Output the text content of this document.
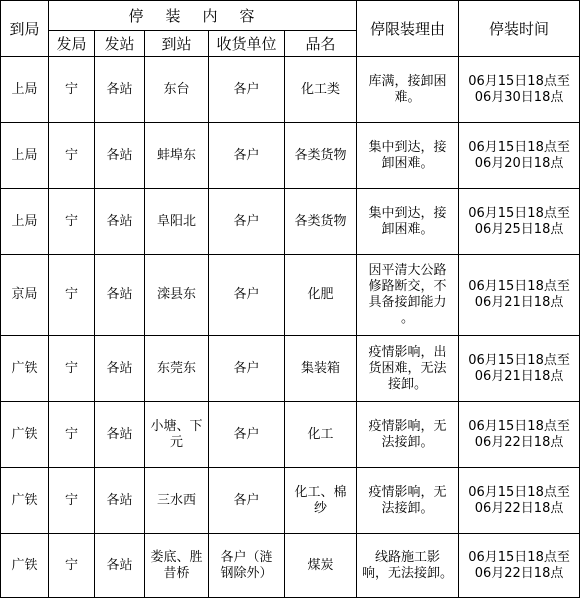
到局	停装内容					停限装理由	停装时间
	发局	发站	到站	收货单位	品名		
上局	宁	各站	东台	各户	化工类	库满，接卸困
难。	06月15日18点至
06月30日18点
上局	宁	各站	蚌埠东	各户	各类货物	集中到达，接
卸困难。	06月15日18点至
06月20日18点
上局	宁	各站	阜阳北	各户	各类货物	集中到达，接
卸困难。	06月15日18点至
06月25日18点
京局	宁	各站	滦县东	各户	化肥	因平清大公路
修路断交，不
具备接卸能力
。	06月15日18点至
06月21日18点
广铁	宁	各站	东莞东	各户	集装箱	疫情影响，出
货困难，无法
接卸。	06月15日18点至
06月21日18点
广铁	宁	各站	小塘、下
元	各户	化工	疫情影响，无
法接卸。	06月15日18点至
06月22日18点
广铁	宁	各站	三水西	各户	化工、棉
纱	疫情影响，无
法接卸。	06月15日18点至
06月22日18点
广铁	宁	各站	娄底、胜
昔桥	各户（涟
钢除外）	煤炭	线路施工影
响，无法接卸。	06月15日18点至
06月22日18点
